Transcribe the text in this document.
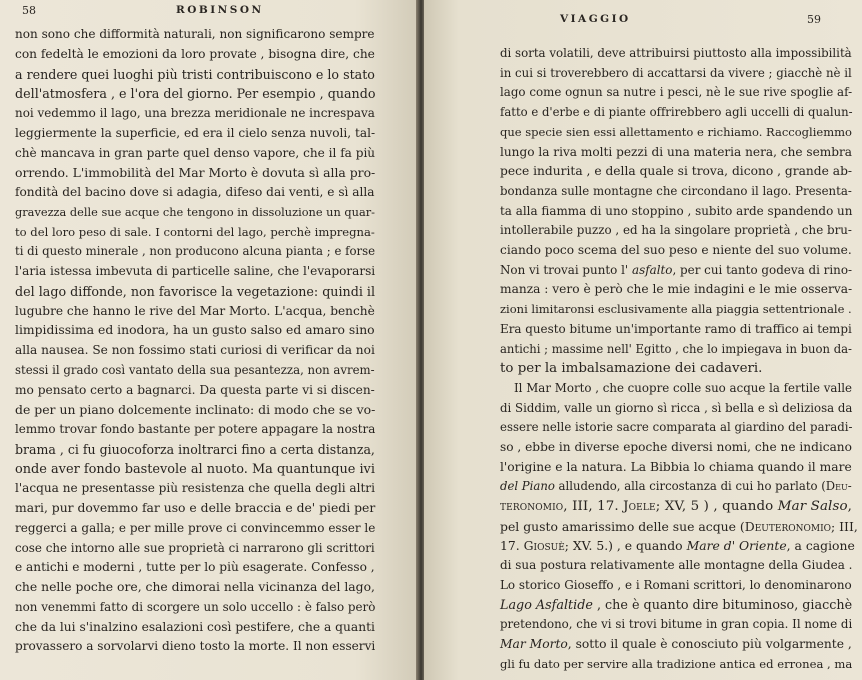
58	ROBINSON
non sono che difformità naturali, non significarono sempre
con fedeltà le emozioni da loro provate , bisogna dire, che
a rendere quei luoghi più tristi contribuiscono e lo stato
dell'atmosfera , e l'ora del giorno. Per esempio , quando
noi vedemmo il lago, una brezza meridionale ne increspava
leggiermente la superficie, ed era il cielo senza nuvoli, tal-
chè mancava in gran parte quel denso vapore, che il fa più
orrendo. L'immobilità del Mar Morto è dovuta sì alla pro-
fondità del bacino dove si adagia, difeso dai venti, e sì alla
gravezza delle sue acque che tengono in dissoluzione un quar-
to del loro peso di sale. I contorni del lago, perchè impregna-
ti di questo minerale , non producono alcuna pianta ; e forse
l'aria istessa imbevuta di particelle saline, che l'evaporarsi
del lago diffonde, non favorisce la vegetazione: quindi il
lugubre che hanno le rive del Mar Morto. L'acqua, benchè
limpidissima ed inodora, ha un gusto salso ed amaro sino
alla nausea. Se non fossimo stati curiosi di verificar da noi
stessi il grado così vantato della sua pesantezza, non avrem-
mo pensato certo a bagnarci. Da questa parte vi si discen-
de per un piano dolcemente inclinato: di modo che se vo-
lemmo trovar fondo bastante per potere appagare la nostra
brama , ci fu giuocoforza inoltrarci fino a certa distanza,
onde aver fondo bastevole al nuoto. Ma quantunque ivi
l'acqua ne presentasse più resistenza che quella degli altri
mari, pur dovemmo far uso e delle braccia e de' piedi per
reggerci a galla; e per mille prove ci convincemmo esser le
cose che intorno alle sue proprietà ci narrarono gli scrittori
e antichi e moderni , tutte per lo più esagerate. Confesso ,
che nelle poche ore, che dimorai nella vicinanza del lago,
non venemmi fatto di scorgere un solo uccello : è falso però
che da lui s'inalzino esalazioni così pestifere, che a quanti
provassero a sorvolarvi dieno tosto la morte. Il non esservi
VIAGGIO	59
di sorta volatili, deve attribuirsi piuttosto alla impossibilità
in cui si troverebbero di accattarsi da vivere ; giacchè nè il
lago come ognun sa nutre i pesci, nè le sue rive spoglie af-
fatto e d'erbe e di piante offrirebbero agli uccelli di qualun-
que specie sien essi allettamento e richiamo. Raccogliemmo
lungo la riva molti pezzi di una materia nera, che sembra
pece indurita , e della quale si trova, dicono , grande ab-
bondanza sulle montagne che circondano il lago. Presenta-
ta alla fiamma di uno stoppino , subito arde spandendo un
intollerabile puzzo , ed ha la singolare proprietà , che bru-
ciando poco scema del suo peso e niente del suo volume.
Non vi trovai punto l' asfalto, per cui tanto godeva di rino-
manza : vero è però che le mie indagini e le mie osserva-
zioni limitaronsi esclusivamente alla piaggia settentrionale .
Era questo bitume un'importante ramo di traffico ai tempi
antichi ; massime nell' Egitto , che lo impiegava in buon da-
to per la imbalsamazione dei cadaveri.
Il Mar Morto , che cuopre colle suo acque la fertile valle
di Siddim, valle un giorno sì ricca , sì bella e sì deliziosa da
essere nelle istorie sacre comparata al giardino del paradi-
so , ebbe in diverse epoche diversi nomi, che ne indicano
l'origine e la natura. La Bibbia lo chiama quando il mare
del Piano alludendo, alla circostanza di cui ho parlato (Deu-
teronomio, III, 17. Joele; XV, 5 ) , quando Mar Salso,
pel gusto amarissimo delle sue acque (Deuteronomio; III,
17. Giosuè; XV. 5.) , e quando Mare d' Oriente, a cagione
di sua postura relativamente alle montagne della Giudea .
Lo storico Gioseffo , e i Romani scrittori, lo denominarono
Lago Asfaltide , che è quanto dire bituminoso, giacchè
pretendono, che vi si trovi bitume in gran copia. Il nome di
Mar Morto, sotto il quale è conosciuto più volgarmente ,
gli fu dato per servire alla tradizione antica ed erronea , ma
